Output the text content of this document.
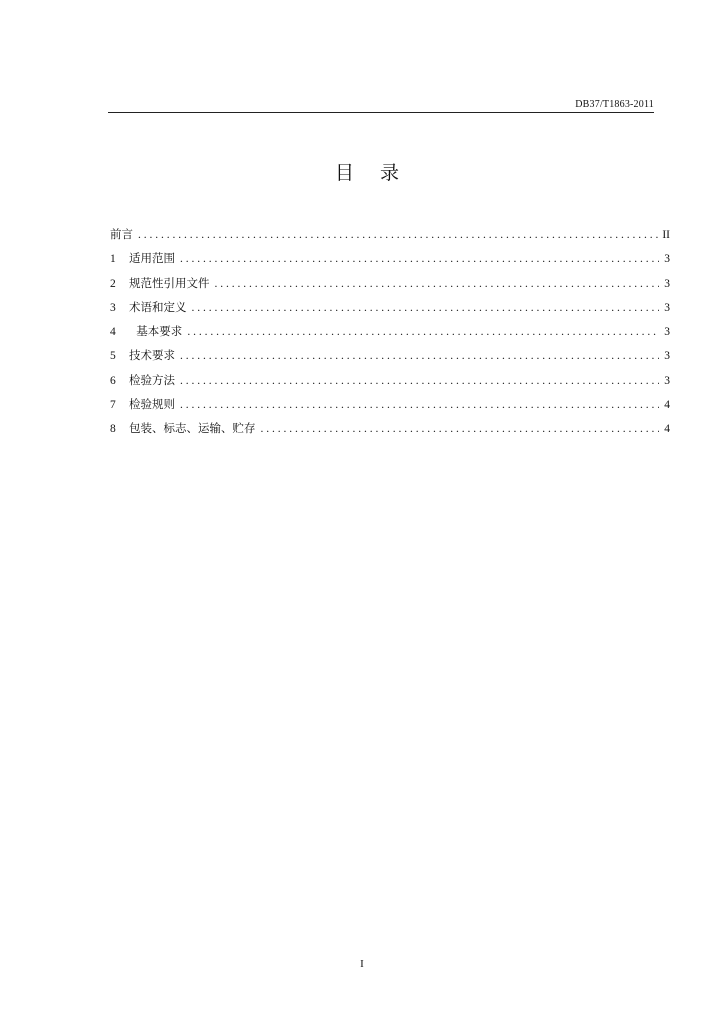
DB37/T1863-2011
目 录
前言 . . .	II
1	适用范围 . . .	3
2	规范性引用文件 . . .	3
3	术语和定义 . . .	3
4	基本要求 . . .	3
5	技术要求 . . .	3
6	检验方法 . . .	3
7	检验规则 . . .	4
8	包装、标志、运输、贮存 . . .	4
I
